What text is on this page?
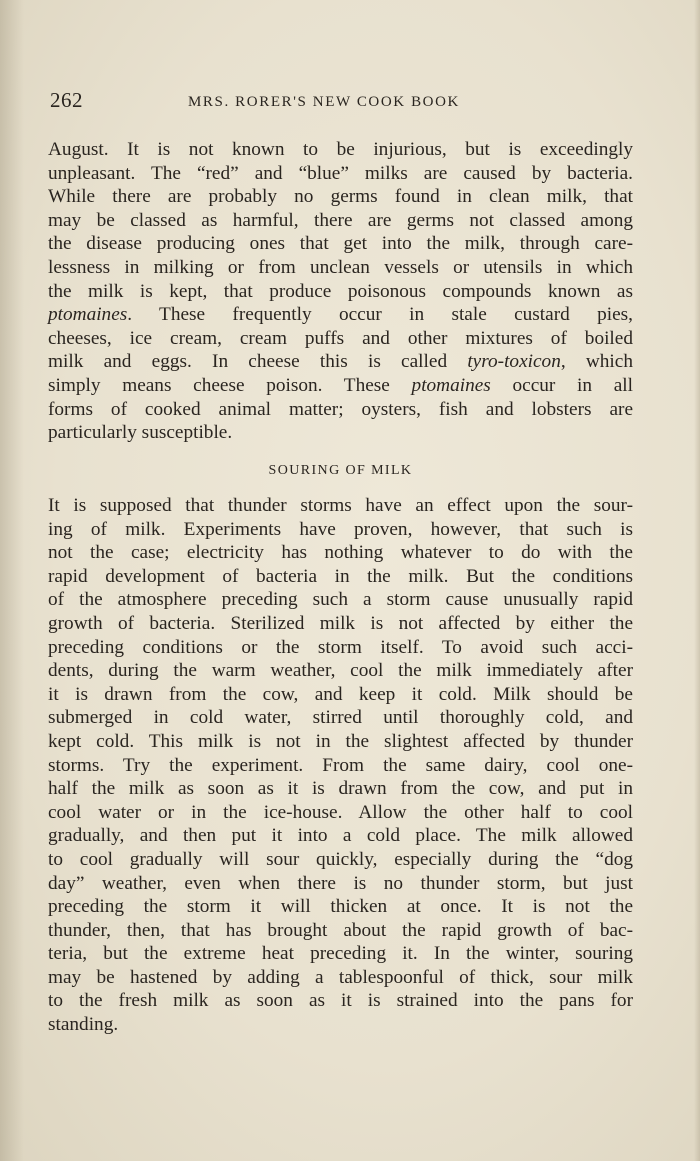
262	MRS. RORER'S NEW COOK BOOK
August. It is not known to be injurious, but is exceedingly
unpleasant. The “red” and “blue” milks are caused by bacteria.
While there are probably no germs found in clean milk, that
may be classed as harmful, there are germs not classed among
the disease producing ones that get into the milk, through care-
lessness in milking or from unclean vessels or utensils in which
the milk is kept, that produce poisonous compounds known as
ptomaines. These frequently occur in stale custard pies,
cheeses, ice cream, cream puffs and other mixtures of boiled
milk and eggs. In cheese this is called tyro-toxicon, which
simply means cheese poison. These ptomaines occur in all
forms of cooked animal matter; oysters, fish and lobsters are
particularly susceptible.

SOURING OF MILK

It is supposed that thunder storms have an effect upon the sour-
ing of milk. Experiments have proven, however, that such is
not the case; electricity has nothing whatever to do with the
rapid development of bacteria in the milk. But the conditions
of the atmosphere preceding such a storm cause unusually rapid
growth of bacteria. Sterilized milk is not affected by either the
preceding conditions or the storm itself. To avoid such acci-
dents, during the warm weather, cool the milk immediately after
it is drawn from the cow, and keep it cold. Milk should be
submerged in cold water, stirred until thoroughly cold, and
kept cold. This milk is not in the slightest affected by thunder
storms. Try the experiment. From the same dairy, cool one-
half the milk as soon as it is drawn from the cow, and put in
cool water or in the ice-house. Allow the other half to cool
gradually, and then put it into a cold place. The milk allowed
to cool gradually will sour quickly, especially during the “dog
day” weather, even when there is no thunder storm, but just
preceding the storm it will thicken at once. It is not the
thunder, then, that has brought about the rapid growth of bac-
teria, but the extreme heat preceding it. In the winter, souring
may be hastened by adding a tablespoonful of thick, sour milk
to the fresh milk as soon as it is strained into the pans for
standing.
